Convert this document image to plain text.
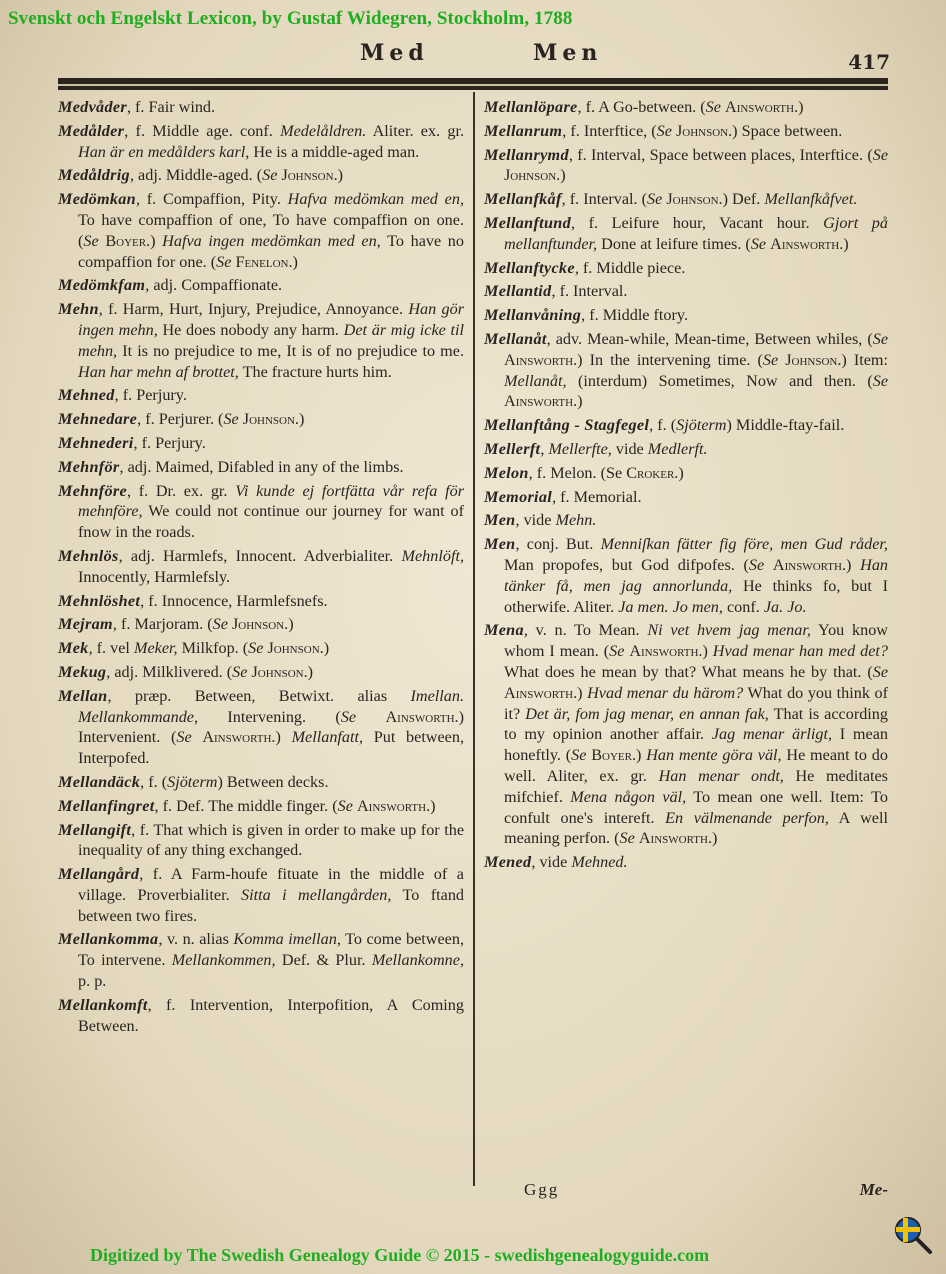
Svenskt och Engelskt Lexicon, by Gustaf Widegren, Stockholm, 1788
Med	Men	417

Medvåder, f. Fair wind.

Medålder, f. Middle age. conf. Medelåldren. Aliter. ex. gr. Han är en medålders karl, He is a middle-aged man.

Medåldrig, adj. Middle-aged. (Se Johnson.)

Medömkan, f. Compaffion, Pity. Hafva medömkan med en, To have compaffion of one, To have compaffion on one. (Se Boyer.) Hafva ingen medömkan med en, To have no compaffion for one. (Se Fenelon.)

Medömkfam, adj. Compaffionate.

Mehn, f. Harm, Hurt, Injury, Prejudice, Annoyance. Han gör ingen mehn, He does nobody any harm. Det är mig icke til mehn, It is no prejudice to me, It is of no prejudice to me. Han har mehn af brottet, The fracture hurts him.

Mehned, f. Perjury.

Mehnedare, f. Perjurer. (Se Johnson.)

Mehnederi, f. Perjury.

Mehnför, adj. Maimed, Difabled in any of the limbs.

Mehnföre, f. Dr. ex. gr. Vi kunde ej fortfätta vår refa för mehnföre, We could not continue our journey for want of fnow in the roads.

Mehnlös, adj. Harmlefs, Innocent. Adverbialiter. Mehnlöft, Innocently, Harmlefsly.

Mehnlöshet, f. Innocence, Harmlefsnefs.

Mejram, f. Marjoram. (Se Johnson.)

Mek, f. vel Meker, Milkfop. (Se Johnson.)

Mekug, adj. Milklivered. (Se Johnson.)

Mellan, præp. Between, Betwixt. alias Imellan. Mellankommande, Intervening. (Se Ainsworth.) Intervenient. (Se Ainsworth.) Mellanfatt, Put between, Interpofed.

Mellandäck, f. (Sjöterm) Between decks.

Mellanfingret, f. Def. The middle finger. (Se Ainsworth.)

Mellangift, f. That which is given in order to make up for the inequality of any thing exchanged.

Mellangård, f. A Farm-houfe fituate in the middle of a village. Proverbialiter. Sitta i mellangården, To ftand between two fires.

Mellankomma, v. n. alias Komma imellan, To come between, To intervene. Mellankommen, Def. & Plur. Mellankomne, p. p.

Mellankomft, f. Intervention, Interpofition, A Coming Between.

Mellanlöpare, f. A Go-between. (Se Ainsworth.)

Mellanrum, f. Interftice, (Se Johnson.) Space between.

Mellanrymd, f. Interval, Space between places, Interftice. (Se Johnson.)

Mellanfkåf, f. Interval. (Se Johnson.) Def. Mellanfkåfvet.

Mellanftund, f. Leifure hour, Vacant hour. Gjort på mellanftunder, Done at leifure times. (Se Ainsworth.)

Mellanftycke, f. Middle piece.

Mellantid, f. Interval.

Mellanvåning, f. Middle ftory.

Mellanåt, adv. Mean-while, Mean-time, Between whiles, (Se Ainsworth.) In the intervening time. (Se Johnson.) Item: Mellanåt, (interdum) Sometimes, Now and then. (Se Ainsworth.)

Mellanftång - Stagfegel, f. (Sjöterm) Middle-ftay-fail.

Mellerft, Mellerfte, vide Medlerft.

Melon, f. Melon. (Se Croker.)

Memorial, f. Memorial.

Men, vide Mehn.

Men, conj. But. Menniſkan fätter fig före, men Gud råder, Man propofes, but God difpofes. (Se Ainsworth.) Han tänker få, men jag annorlunda, He thinks fo, but I otherwife. Aliter. Ja men. Jo men, conf. Ja. Jo.

Mena, v. n. To Mean. Ni vet hvem jag menar, You know whom I mean. (Se Ainsworth.) Hvad menar han med det? What does he mean by that? What means he by that. (Se Ainsworth.) Hvad menar du härom? What do you think of it? Det är, fom jag menar, en annan fak, That is according to my opinion another affair. Jag menar ärligt, I mean honeftly. (Se Boyer.) Han mente göra väl, He meant to do well. Aliter, ex. gr. Han menar ondt, He meditates mifchief. Mena någon väl, To mean one well. Item: To confult one's intereft. En välmenande perfon, A well meaning perfon. (Se Ainsworth.)

Mened, vide Mehned.

Ggg	Me-
Digitized by The Swedish Genealogy Guide © 2015 - swedishgenealogyguide.com
